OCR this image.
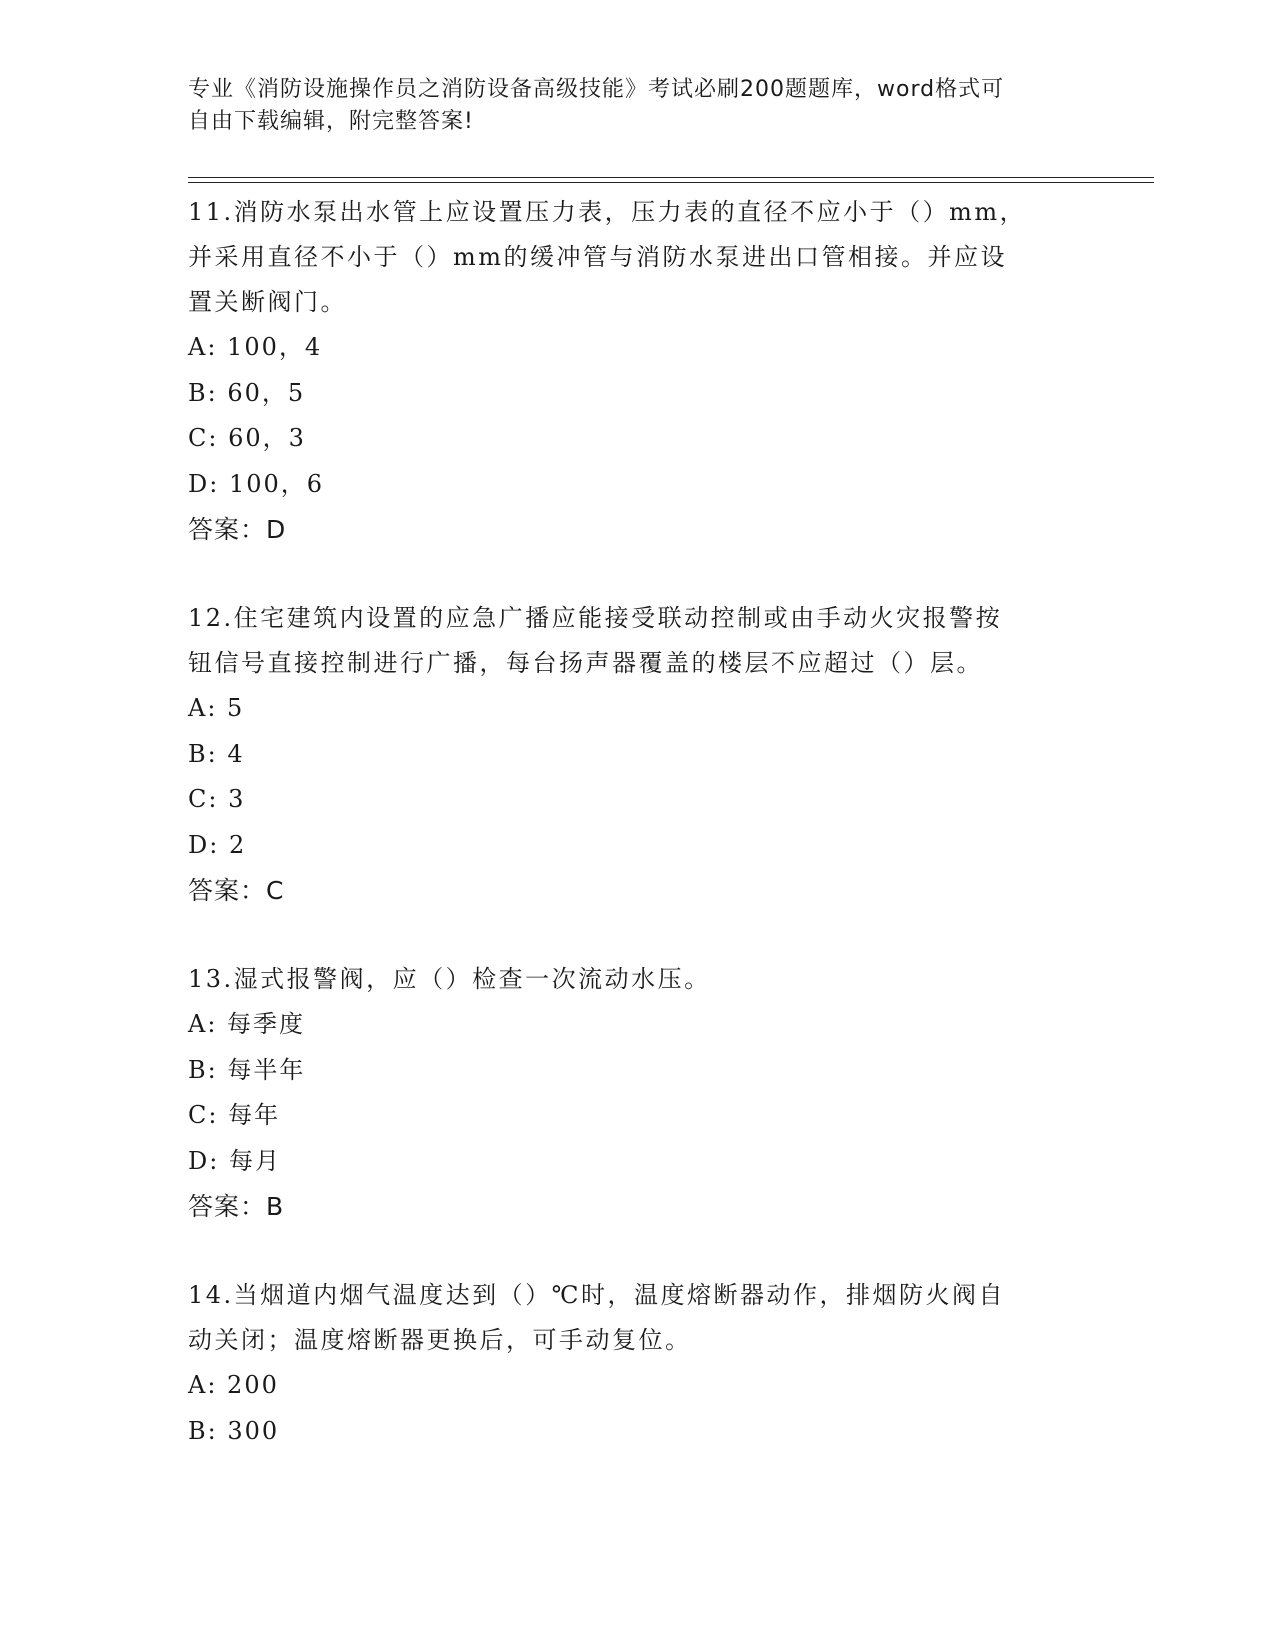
专业《消防设施操作员之消防设备高级技能》考试必刷200题题库，word格式可
自由下载编辑，附完整答案!
11.消防水泵出水管上应设置压力表，压力表的直径不应小于（）mm，
并采用直径不小于（）mm的缓冲管与消防水泵进出口管相接。并应设
置关断阀门。
A: 100，4
B: 60，5
C: 60，3
D: 100，6
答案：D
12.住宅建筑内设置的应急广播应能接受联动控制或由手动火灾报警按
钮信号直接控制进行广播，每台扬声器覆盖的楼层不应超过（）层。
A: 5
B: 4
C: 3
D: 2
答案：C
13.湿式报警阀，应（）检查一次流动水压。
A: 每季度
B: 每半年
C: 每年
D: 每月
答案：B
14.当烟道内烟气温度达到（）℃时，温度熔断器动作，排烟防火阀自
动关闭；温度熔断器更换后，可手动复位。
A: 200
B: 300
